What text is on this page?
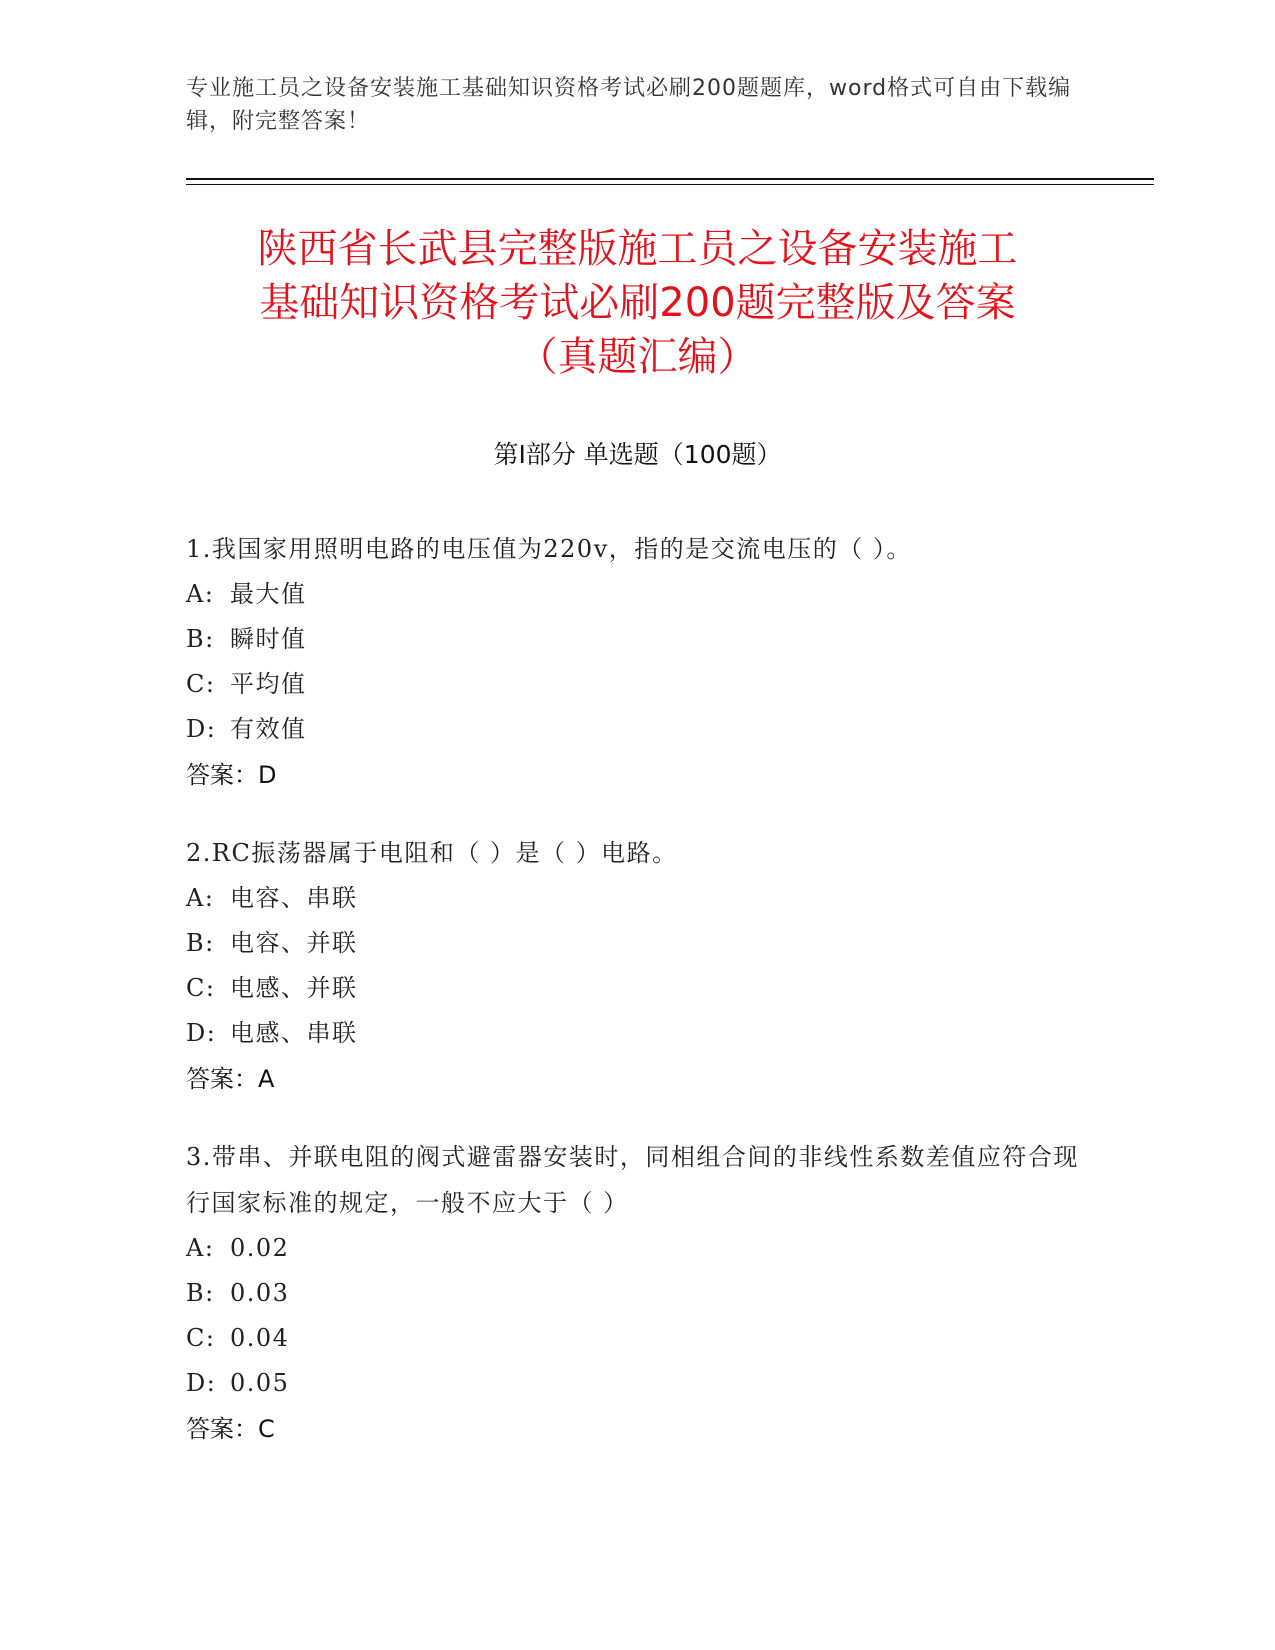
专业施工员之设备安装施工基础知识资格考试必刷200题题库，word格式可自由下载编辑，附完整答案！
陕西省长武县完整版施工员之设备安装施工
基础知识资格考试必刷200题完整版及答案
（真题汇编）
第I部分 单选题（100题）
1.我国家用照明电路的电压值为220v，指的是交流电压的（ ）。
A: 最大值
B: 瞬时值
C: 平均值
D: 有效值
答案：D
2.RC振荡器属于电阻和（ ）是（ ）电路。
A: 电容、串联
B: 电容、并联
C: 电感、并联
D: 电感、串联
答案：A
3.带串、并联电阻的阀式避雷器安装时，同相组合间的非线性系数差值应符合现行国家标准的规定，一般不应大于（ ）
A: 0.02
B: 0.03
C: 0.04
D: 0.05
答案：C
